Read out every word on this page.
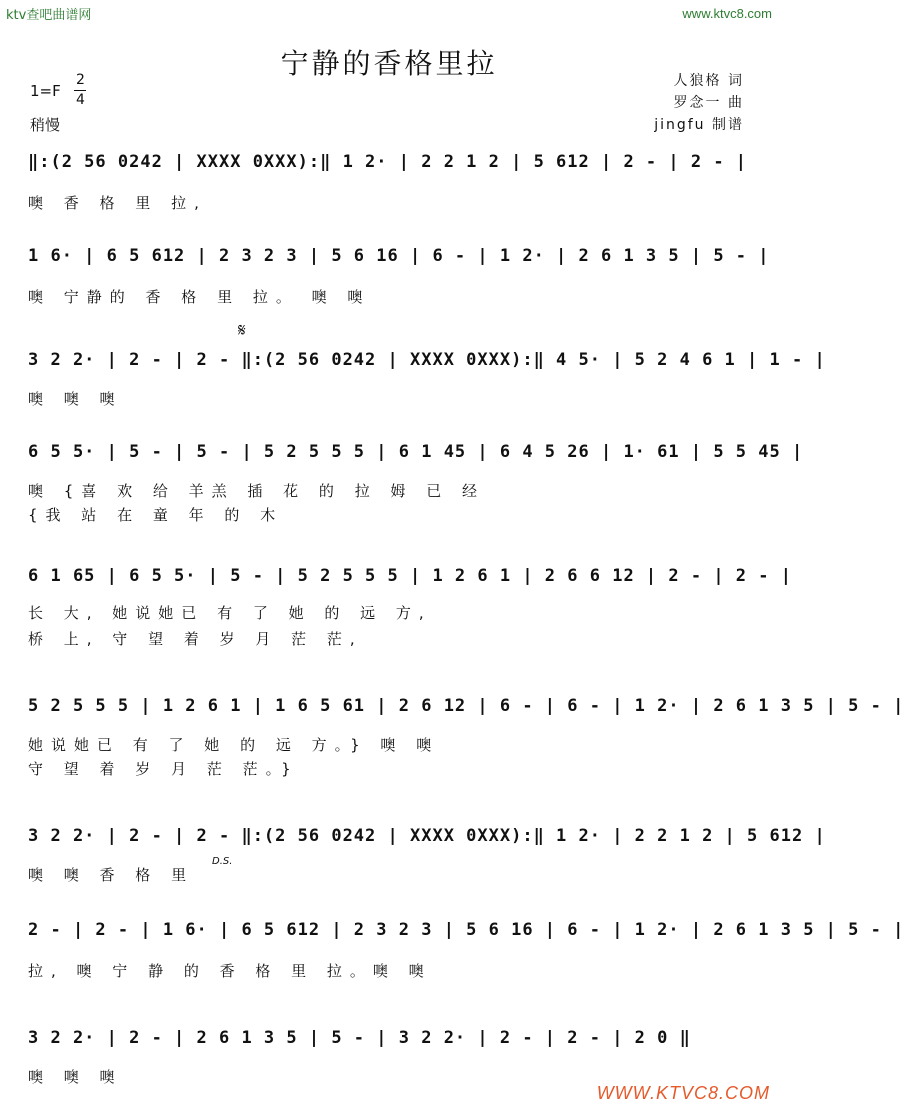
ktv查吧曲谱网	www.ktvc8.com
宁静的香格里拉
1=F
2
4
稍慢
人狼格 词
罗念一 曲
jingfu 制谱
‖:(2 56 0242 | XXXX 0XXX):‖ 1 2· | 2 2 1 2 | 5 612 | 2 - | 2 - |
噢 香 格 里 拉,
1 6· | 6 5 612 | 2 3 2 3 | 5 6 16 | 6 - | 1 2· | 2 6 1 3 5 | 5 - |
噢 宁静的 香 格 里 拉。 噢 噢
𝄋
3 2 2· | 2 - | 2 - ‖:(2 56 0242 | XXXX 0XXX):‖ 4 5· | 5 2 4 6 1 | 1 - |
噢 噢 噢
6 5 5· | 5 - | 5 - | 5 2 5 5 5 | 6 1 45 | 6 4 5 26 | 1· 61 | 5 5 45 |
噢 {喜 欢 给 羊羔 插 花 的 拉 姆 已 经
{我 站 在 童 年 的 木
6 1 65 | 6 5 5· | 5 - | 5 2 5 5 5 | 1 2 6 1 | 2 6 6 12 | 2 - | 2 - |
长 大, 她说她已 有 了 她 的 远 方,
桥 上, 守 望 着 岁 月 茫 茫,
5 2 5 5 5 | 1 2 6 1 | 1 6 5 61 | 2 6 12 | 6 - | 6 - | 1 2· | 2 6 1 3 5 | 5 - |
她说她已 有 了 她 的 远 方。} 噢 噢
守 望 着 岁 月 茫 茫。}
3 2 2· | 2 - | 2 - ‖:(2 56 0242 | XXXX 0XXX):‖ 1 2· | 2 2 1 2 | 5 612 |
噢 噢 香 格 里
D.S.
2 - | 2 - | 1 6· | 6 5 612 | 2 3 2 3 | 5 6 16 | 6 - | 1 2· | 2 6 1 3 5 | 5 - |
拉, 噢 宁 静 的 香 格 里 拉。噢 噢
3 2 2· | 2 - | 2 6 1 3 5 | 5 - | 3 2 2· | 2 - | 2 - | 2 0 ‖
噢 噢 噢
WWW.KTVC8.COM
